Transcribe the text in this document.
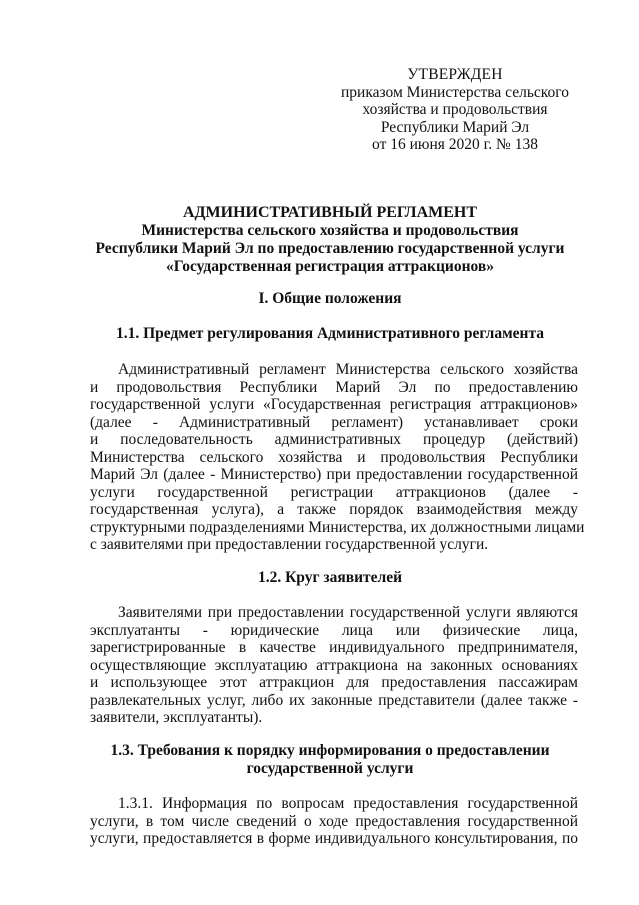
УТВЕРЖДЕН
приказом Министерства сельского
хозяйства и продовольствия
Республики Марий Эл
от 16 июня 2020 г. № 138
АДМИНИСТРАТИВНЫЙ РЕГЛАМЕНТ
Министерства сельского хозяйства и продовольствия
Республики Марий Эл по предоставлению государственной услуги
«Государственная регистрация аттракционов»
I. Общие положения
1.1. Предмет регулирования Административного регламента
Административный регламент Министерства сельского хозяйства
и продовольствия Республики Марий Эл по предоставлению
государственной услуги «Государственная регистрация аттракционов»
(далее - Административный регламент) устанавливает сроки
и последовательность административных процедур (действий)
Министерства сельского хозяйства и продовольствия Республики
Марий Эл (далее - Министерство) при предоставлении государственной
услуги государственной регистрации аттракционов (далее -
государственная услуга), а также порядок взаимодействия между
структурными подразделениями Министерства, их должностными лицами
с заявителями при предоставлении государственной услуги.
1.2. Круг заявителей
Заявителями при предоставлении государственной услуги являются
эксплуатанты - юридические лица или физические лица,
зарегистрированные в качестве индивидуального предпринимателя,
осуществляющие эксплуатацию аттракциона на законных основаниях
и использующее этот аттракцион для предоставления пассажирам
развлекательных услуг, либо их законные представители (далее также -
заявители, эксплуатанты).
1.3. Требования к порядку информирования о предоставлении
государственной услуги
1.3.1. Информация по вопросам предоставления государственной
услуги, в том числе сведений о ходе предоставления государственной
услуги, предоставляется в форме индивидуального консультирования, по
